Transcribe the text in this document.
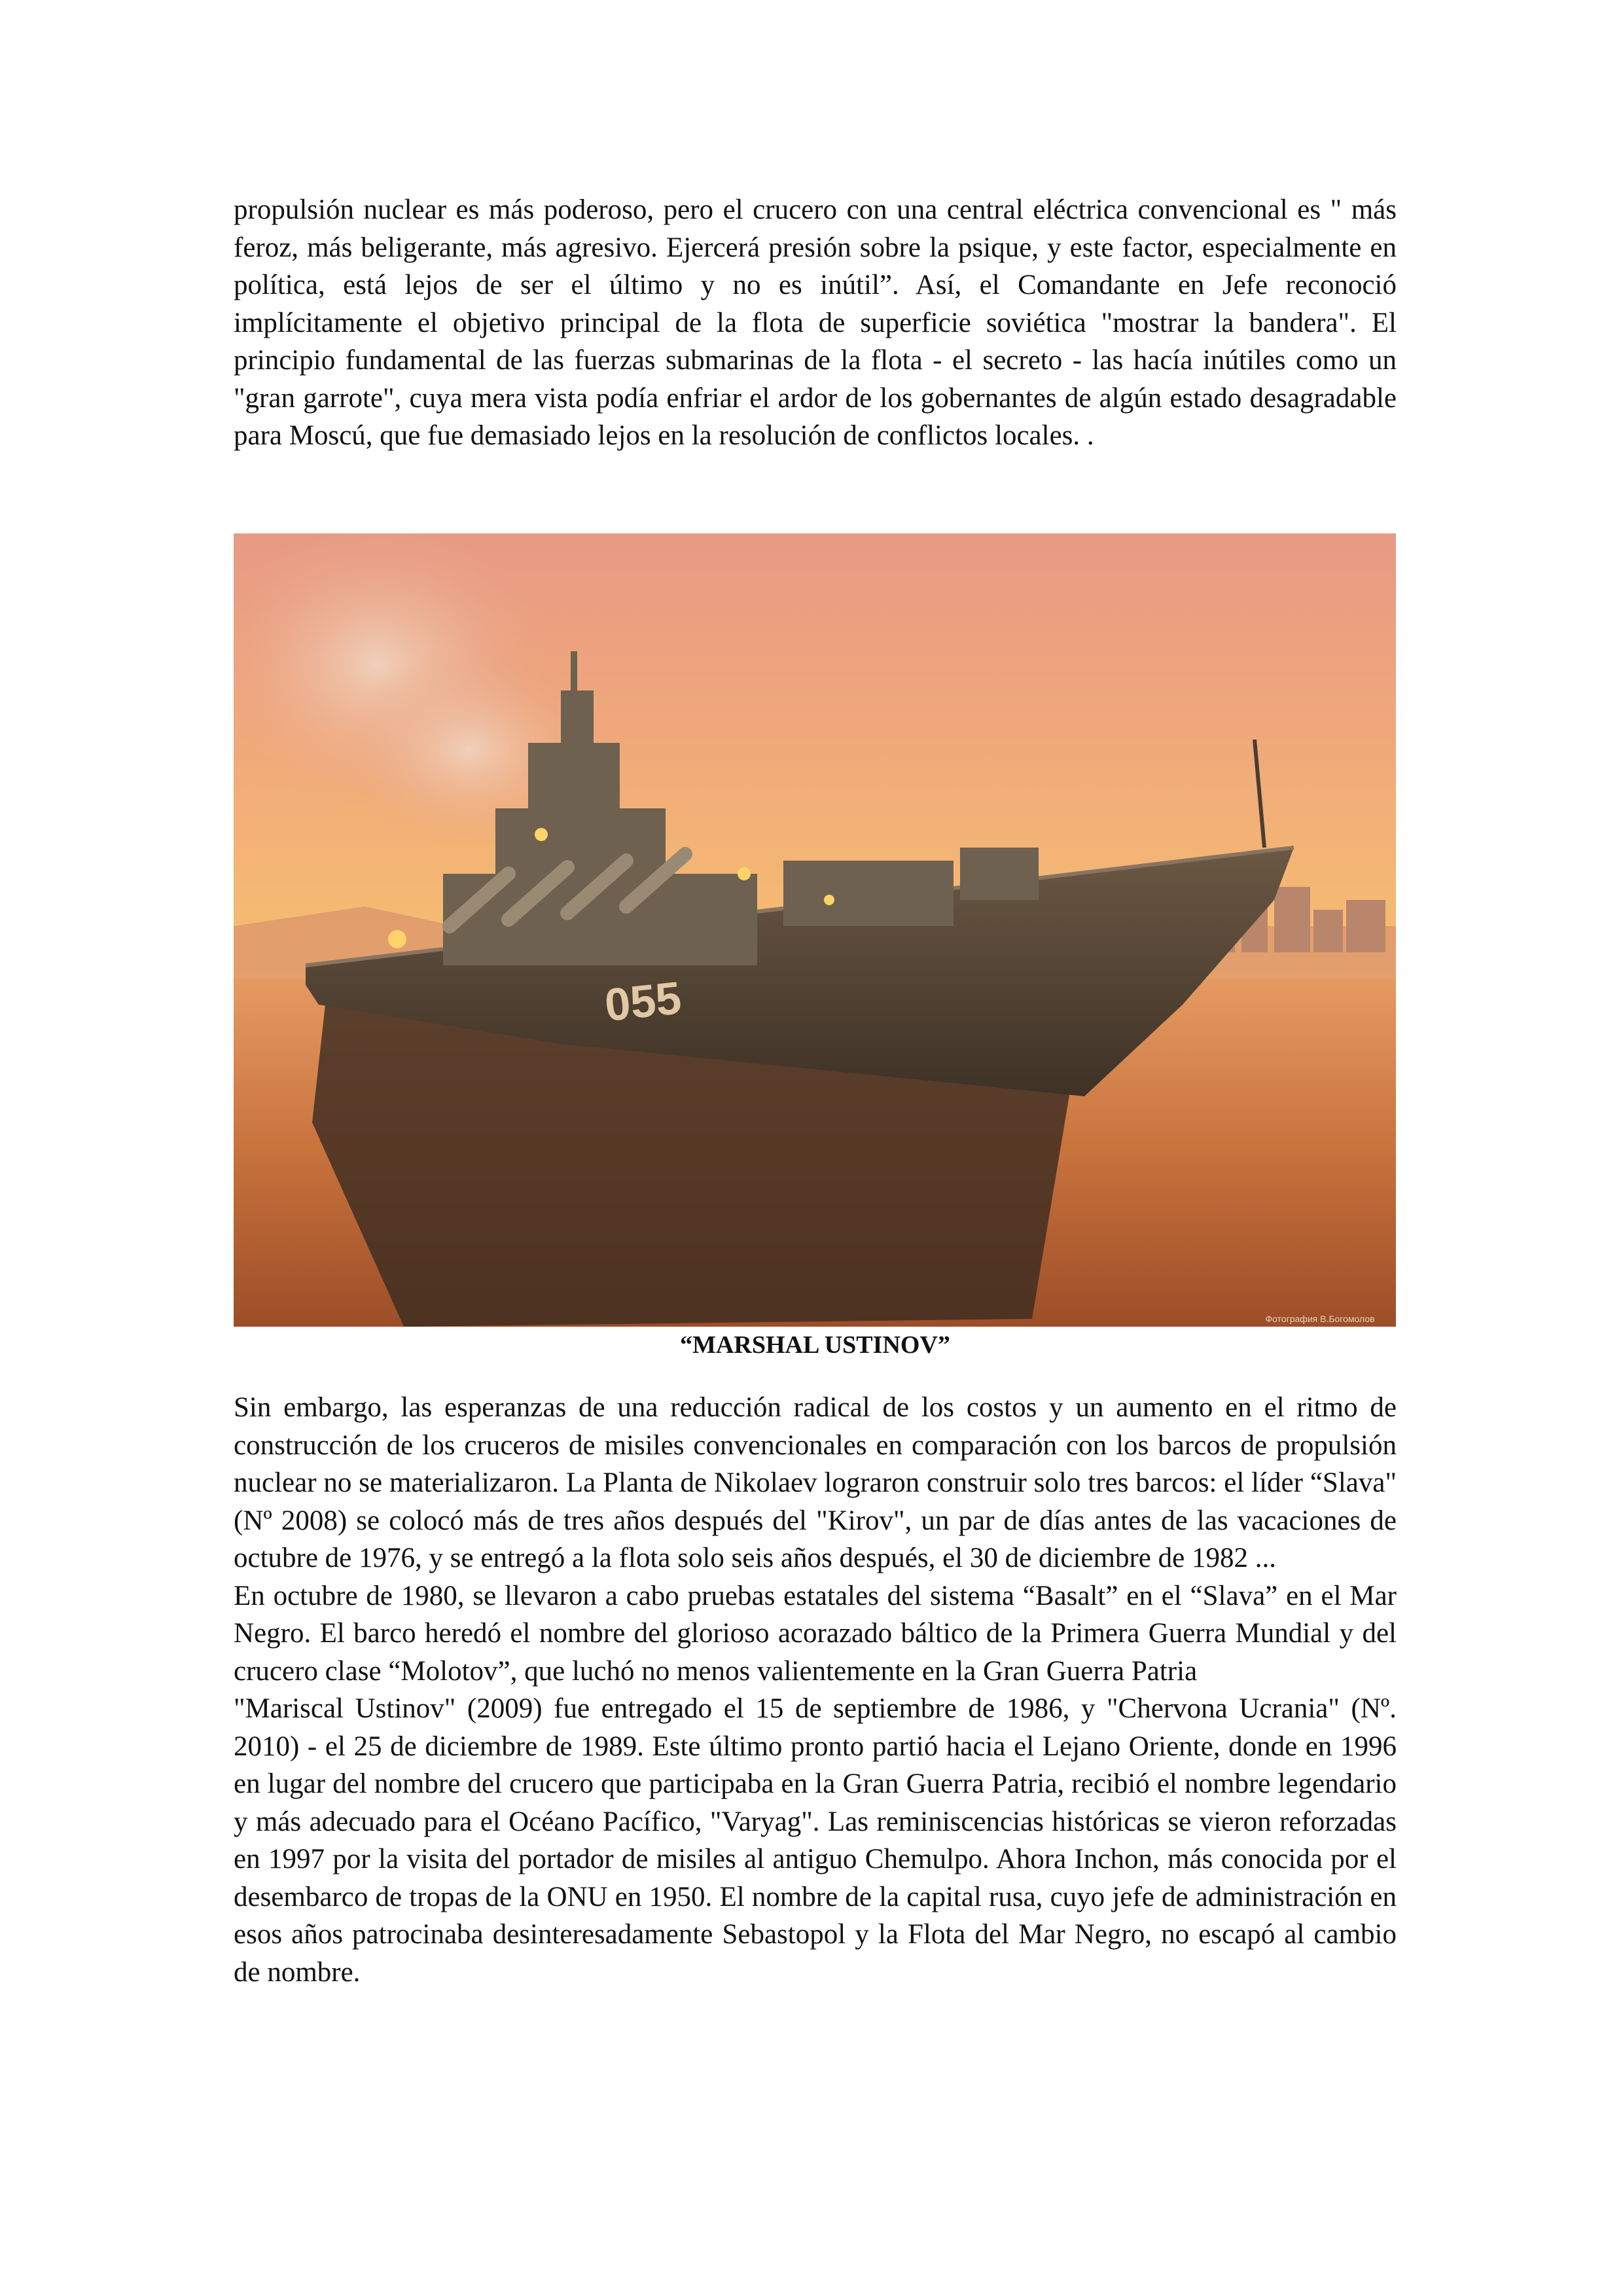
propulsión nuclear es más poderoso, pero el crucero con una central eléctrica convencional es " más feroz, más beligerante, más agresivo. Ejercerá presión sobre la psique, y este factor, especialmente en política, está lejos de ser el último y no es inútil”. Así, el Comandante en Jefe reconoció implícitamente el objetivo principal de la flota de superficie soviética "mostrar la bandera". El principio fundamental de las fuerzas submarinas de la flota - el secreto - las hacía inútiles como un "gran garrote", cuya mera vista podía enfriar el ardor de los gobernantes de algún estado desagradable para Moscú, que fue demasiado lejos en la resolución de conflictos locales. .

055
Фотография В.Богомолов
“MARSHAL USTINOV”

Sin embargo, las esperanzas de una reducción radical de los costos y un aumento en el ritmo de construcción de los cruceros de misiles convencionales en comparación con los barcos de propulsión nuclear no se materializaron. La Planta de Nikolaev lograron construir solo tres barcos: el líder “Slava" (Nº 2008) se colocó más de tres años después del "Kirov", un par de días antes de las vacaciones de octubre de 1976, y se entregó a la flota solo seis años después, el 30 de diciembre de 1982 ...

En octubre de 1980, se llevaron a cabo pruebas estatales del sistema “Basalt” en el “Slava” en el Mar Negro. El barco heredó el nombre del glorioso acorazado báltico de la Primera Guerra Mundial y del crucero clase “Molotov”, que luchó no menos valientemente en la Gran Guerra Patria

"Mariscal Ustinov" (2009) fue entregado el 15 de septiembre de 1986, y "Chervona Ucrania" (Nº. 2010) - el 25 de diciembre de 1989. Este último pronto partió hacia el Lejano Oriente, donde en 1996 en lugar del nombre del crucero que participaba en la Gran Guerra Patria, recibió el nombre legendario y más adecuado para el Océano Pacífico, "Varyag". Las reminiscencias históricas se vieron reforzadas en 1997 por la visita del portador de misiles al antiguo Chemulpo. Ahora Inchon, más conocida por el desembarco de tropas de la ONU en 1950. El nombre de la capital rusa, cuyo jefe de administración en esos años patrocinaba desinteresadamente Sebastopol y la Flota del Mar Negro, no escapó al cambio de nombre.
